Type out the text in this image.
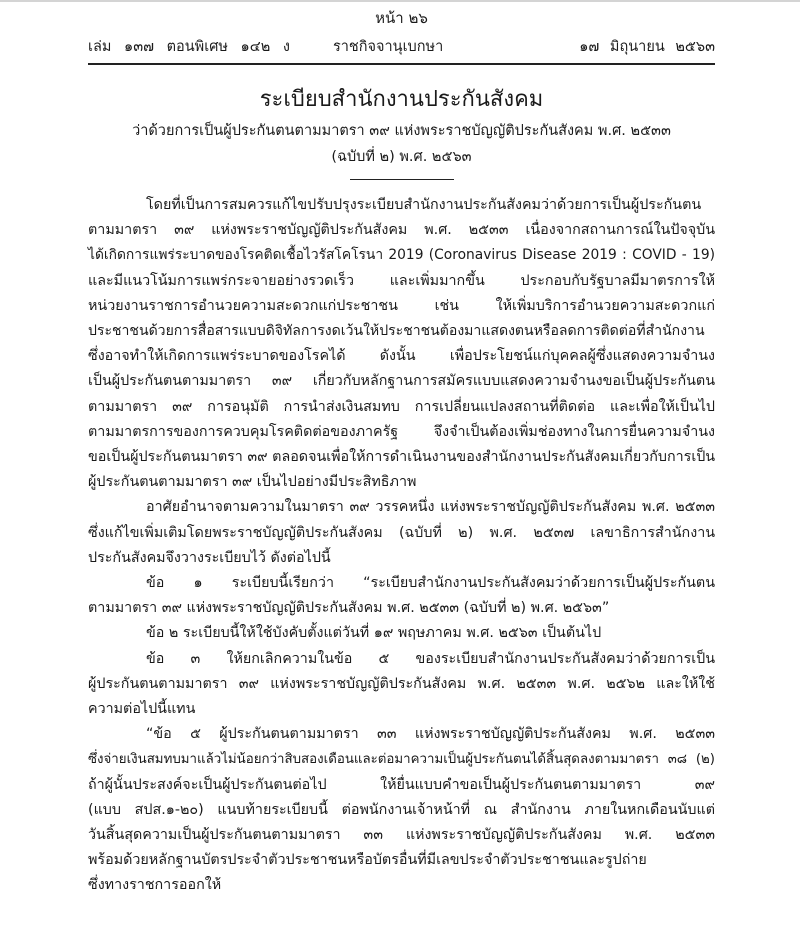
หน้า ๒๖
เล่ม ๑๓๗ ตอนพิเศษ ๑๔๒ ง	ราชกิจจานุเบกษา	๑๗ มิถุนายน ๒๕๖๓
ระเบียบสำนักงานประกันสังคม
ว่าด้วยการเป็นผู้ประกันตนตามมาตรา ๓๙ แห่งพระราชบัญญัติประกันสังคม พ.ศ. ๒๕๓๓
(ฉบับที่ ๒) พ.ศ. ๒๕๖๓
โดยที่เป็นการสมควรแก้ไขปรับปรุงระเบียบสำนักงานประกันสังคมว่าด้วยการเป็นผู้ประกันตน
ตามมาตรา ๓๙ แห่งพระราชบัญญัติประกันสังคม พ.ศ. ๒๕๓๓ เนื่องจากสถานการณ์ในปัจจุบัน
ได้เกิดการแพร่ระบาดของโรคติดเชื้อไวรัสโคโรนา 2019 (Coronavirus Disease 2019 : COVID - 19)
และมีแนวโน้มการแพร่กระจายอย่างรวดเร็ว และเพิ่มมากขึ้น ประกอบกับรัฐบาลมีมาตรการให้
หน่วยงานราชการอำนวยความสะดวกแก่ประชาชน เช่น ให้เพิ่มบริการอำนวยความสะดวกแก่
ประชาชนด้วยการสื่อสารแบบดิจิทัลการงดเว้นให้ประชาชนต้องมาแสดงตนหรือลดการติดต่อที่สำนักงาน
ซึ่งอาจทำให้เกิดการแพร่ระบาดของโรคได้ ดังนั้น เพื่อประโยชน์แก่บุคคลผู้ซึ่งแสดงความจำนง
เป็นผู้ประกันตนตามมาตรา ๓๙ เกี่ยวกับหลักฐานการสมัครแบบแสดงความจำนงขอเป็นผู้ประกันตน
ตามมาตรา ๓๙ การอนุมัติ การนำส่งเงินสมทบ การเปลี่ยนแปลงสถานที่ติดต่อ และเพื่อให้เป็นไป
ตามมาตรการของการควบคุมโรคติดต่อของภาครัฐ จึงจำเป็นต้องเพิ่มช่องทางในการยื่นความจำนง
ขอเป็นผู้ประกันตนมาตรา ๓๙ ตลอดจนเพื่อให้การดำเนินงานของสำนักงานประกันสังคมเกี่ยวกับการเป็น
ผู้ประกันตนตามมาตรา ๓๙ เป็นไปอย่างมีประสิทธิภาพ
อาศัยอำนาจตามความในมาตรา ๓๙ วรรคหนึ่ง แห่งพระราชบัญญัติประกันสังคม พ.ศ. ๒๕๓๓
ซึ่งแก้ไขเพิ่มเติมโดยพระราชบัญญัติประกันสังคม (ฉบับที่ ๒) พ.ศ. ๒๕๓๗ เลขาธิการสำนักงาน
ประกันสังคมจึงวางระเบียบไว้ ดังต่อไปนี้
ข้อ ๑ ระเบียบนี้เรียกว่า “ระเบียบสำนักงานประกันสังคมว่าด้วยการเป็นผู้ประกันตน
ตามมาตรา ๓๙ แห่งพระราชบัญญัติประกันสังคม พ.ศ. ๒๕๓๓ (ฉบับที่ ๒) พ.ศ. ๒๕๖๓”
ข้อ ๒ ระเบียบนี้ให้ใช้บังคับตั้งแต่วันที่ ๑๙ พฤษภาคม พ.ศ. ๒๕๖๓ เป็นต้นไป
ข้อ ๓ ให้ยกเลิกความในข้อ ๕ ของระเบียบสำนักงานประกันสังคมว่าด้วยการเป็น
ผู้ประกันตนตามมาตรา ๓๙ แห่งพระราชบัญญัติประกันสังคม พ.ศ. ๒๕๓๓ พ.ศ. ๒๕๖๒ และให้ใช้
ความต่อไปนี้แทน
“ข้อ ๕ ผู้ประกันตนตามมาตรา ๓๓ แห่งพระราชบัญญัติประกันสังคม พ.ศ. ๒๕๓๓
ซึ่งจ่ายเงินสมทบมาแล้วไม่น้อยกว่าสิบสองเดือนและต่อมาความเป็นผู้ประกันตนได้สิ้นสุดลงตามมาตรา ๓๘ (๒)
ถ้าผู้นั้นประสงค์จะเป็นผู้ประกันตนต่อไป ให้ยื่นแบบคำขอเป็นผู้ประกันตนตามมาตรา ๓๙
(แบบ สปส.๑-๒๐) แนบท้ายระเบียบนี้ ต่อพนักงานเจ้าหน้าที่ ณ สำนักงาน ภายในหกเดือนนับแต่
วันสิ้นสุดความเป็นผู้ประกันตนตามมาตรา ๓๓ แห่งพระราชบัญญัติประกันสังคม พ.ศ. ๒๕๓๓
พร้อมด้วยหลักฐานบัตรประจำตัวประชาชนหรือบัตรอื่นที่มีเลขประจำตัวประชาชนและรูปถ่าย
ซึ่งทางราชการออกให้
